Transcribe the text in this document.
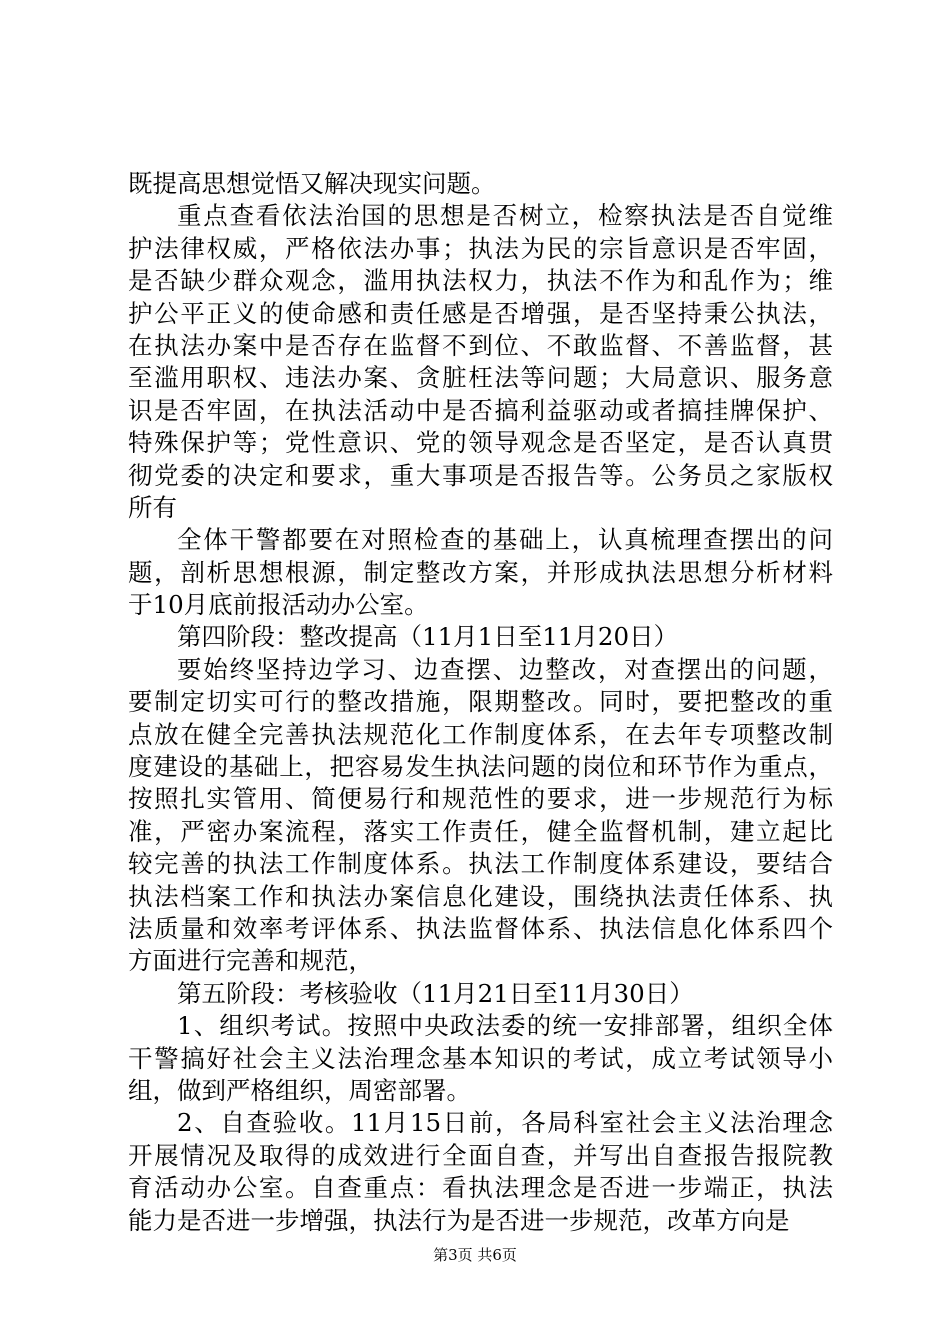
既提高思想觉悟又解决现实问题。
重点查看依法治国的思想是否树立，检察执法是否自觉维
护法律权威，严格依法办事；执法为民的宗旨意识是否牢固，
是否缺少群众观念，滥用执法权力，执法不作为和乱作为；维
护公平正义的使命感和责任感是否增强，是否坚持秉公执法，
在执法办案中是否存在监督不到位、不敢监督、不善监督，甚
至滥用职权、违法办案、贪脏枉法等问题；大局意识、服务意
识是否牢固，在执法活动中是否搞利益驱动或者搞挂牌保护、
特殊保护等；党性意识、党的领导观念是否坚定，是否认真贯
彻党委的决定和要求，重大事项是否报告等。公务员之家版权
所有
全体干警都要在对照检查的基础上，认真梳理查摆出的问
题，剖析思想根源，制定整改方案，并形成执法思想分析材料
于10月底前报活动办公室。
第四阶段：整改提高（11月1日至11月20日）
要始终坚持边学习、边查摆、边整改，对查摆出的问题，
要制定切实可行的整改措施，限期整改。同时，要把整改的重
点放在健全完善执法规范化工作制度体系，在去年专项整改制
度建设的基础上，把容易发生执法问题的岗位和环节作为重点，
按照扎实管用、简便易行和规范性的要求，进一步规范行为标
准，严密办案流程，落实工作责任，健全监督机制，建立起比
较完善的执法工作制度体系。执法工作制度体系建设，要结合
执法档案工作和执法办案信息化建设，围绕执法责任体系、执
法质量和效率考评体系、执法监督体系、执法信息化体系四个
方面进行完善和规范，
第五阶段：考核验收（11月21日至11月30日）
1、组织考试。按照中央政法委的统一安排部署，组织全体
干警搞好社会主义法治理念基本知识的考试，成立考试领导小
组，做到严格组织，周密部署。
2、自查验收。11月15日前，各局科室社会主义法治理念
开展情况及取得的成效进行全面自查，并写出自查报告报院教
育活动办公室。自查重点：看执法理念是否进一步端正，执法
能力是否进一步增强，执法行为是否进一步规范，改革方向是
第3页 共6页
